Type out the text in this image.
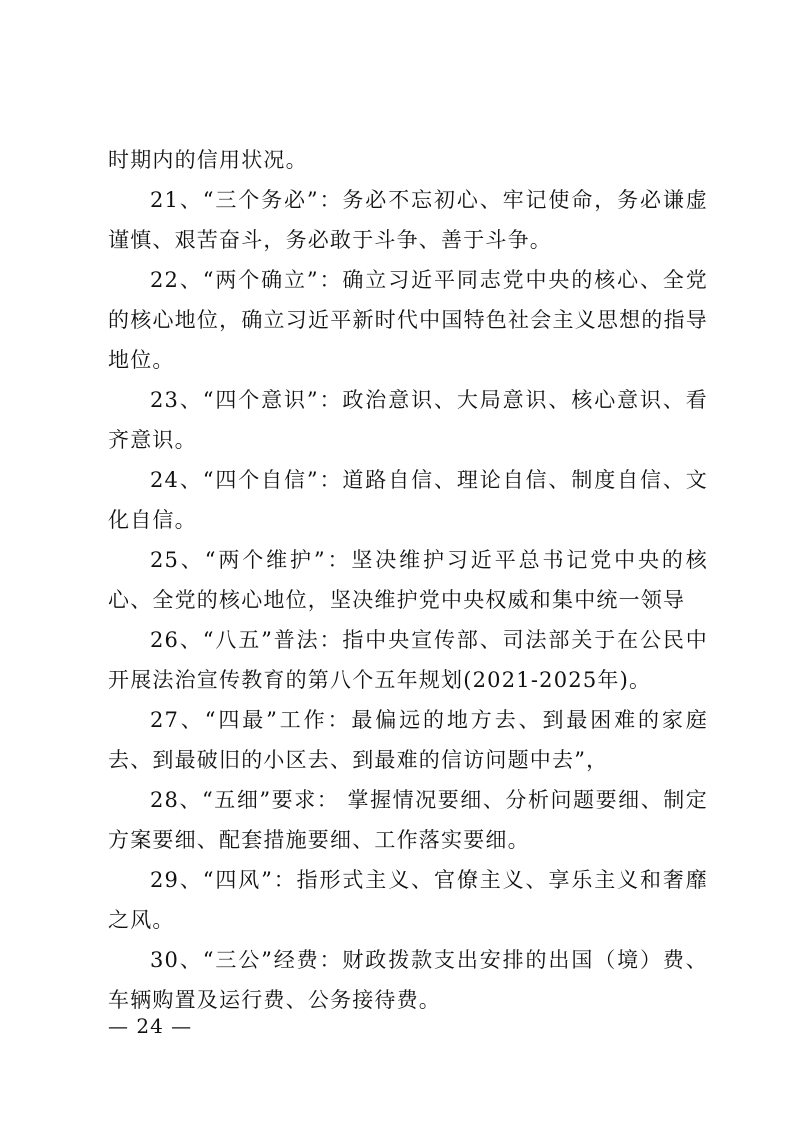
时期内的信用状况。

21、“三个务必”：务必不忘初心、牢记使命，务必谦虚谨慎、艰苦奋斗，务必敢于斗争、善于斗争。

22、“两个确立”：确立习近平同志党中央的核心、全党的核心地位，确立习近平新时代中国特色社会主义思想的指导地位。

23、“四个意识”：政治意识、大局意识、核心意识、看齐意识。

24、“四个自信”：道路自信、理论自信、制度自信、文化自信。

25、“两个维护”：坚决维护习近平总书记党中央的核心、全党的核心地位，坚决维护党中央权威和集中统一领导

26、“八五”普法：指中央宣传部、司法部关于在公民中开展法治宣传教育的第八个五年规划(2021-2025年)。

27、“四最”工作：最偏远的地方去、到最困难的家庭去、到最破旧的小区去、到最难的信访问题中去”，

28、“五细”要求： 掌握情况要细、分析问题要细、制定方案要细、配套措施要细、工作落实要细。

29、“四风”：指形式主义、官僚主义、享乐主义和奢靡之风。

30、“三公”经费：财政拨款支出安排的出国（境）费、车辆购置及运行费、公务接待费。

— 24 —
